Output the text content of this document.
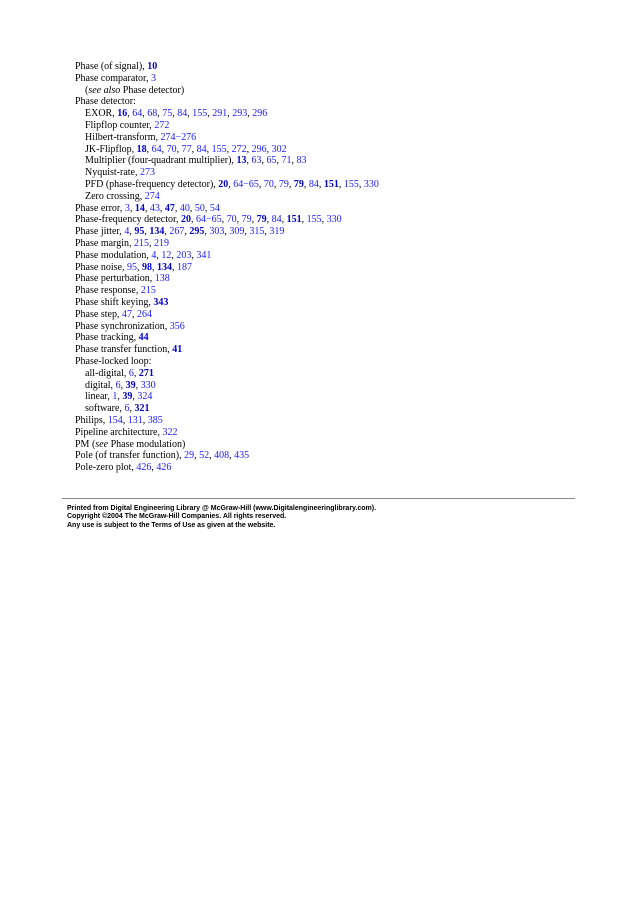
Phase (of signal), 10
Phase comparator, 3
(see also Phase detector)
Phase detector:
EXOR, 16, 64, 68, 75, 84, 155, 291, 293, 296
Flipflop counter, 272
Hilbert-transform, 274−276
JK-Flipflop, 18, 64, 70, 77, 84, 155, 272, 296, 302
Multiplier (four-quadrant multiplier), 13, 63, 65, 71, 83
Nyquist-rate, 273
PFD (phase-frequency detector), 20, 64−65, 70, 79, 79, 84, 151, 155, 330
Zero crossing, 274
Phase error, 3, 14, 43, 47, 40, 50, 54
Phase-frequency detector, 20, 64−65, 70, 79, 79, 84, 151, 155, 330
Phase jitter, 4, 95, 134, 267, 295, 303, 309, 315, 319
Phase margin, 215, 219
Phase modulation, 4, 12, 203, 341
Phase noise, 95, 98, 134, 187
Phase perturbation, 138
Phase response, 215
Phase shift keying, 343
Phase step, 47, 264
Phase synchronization, 356
Phase tracking, 44
Phase transfer function, 41
Phase-locked loop:
all-digital, 6, 271
digital, 6, 39, 330
linear, 1, 39, 324
software, 6, 321
Philips, 154, 131, 385
Pipeline architecture, 322
PM (see Phase modulation)
Pole (of transfer function), 29, 52, 408, 435
Pole-zero plot, 426, 426
Printed from Digital Engineering Library @ McGraw-Hill (www.Digitalengineeringlibrary.com).
Copyright ©2004 The McGraw-Hill Companies. All rights reserved.
Any use is subject to the Terms of Use as given at the website.
